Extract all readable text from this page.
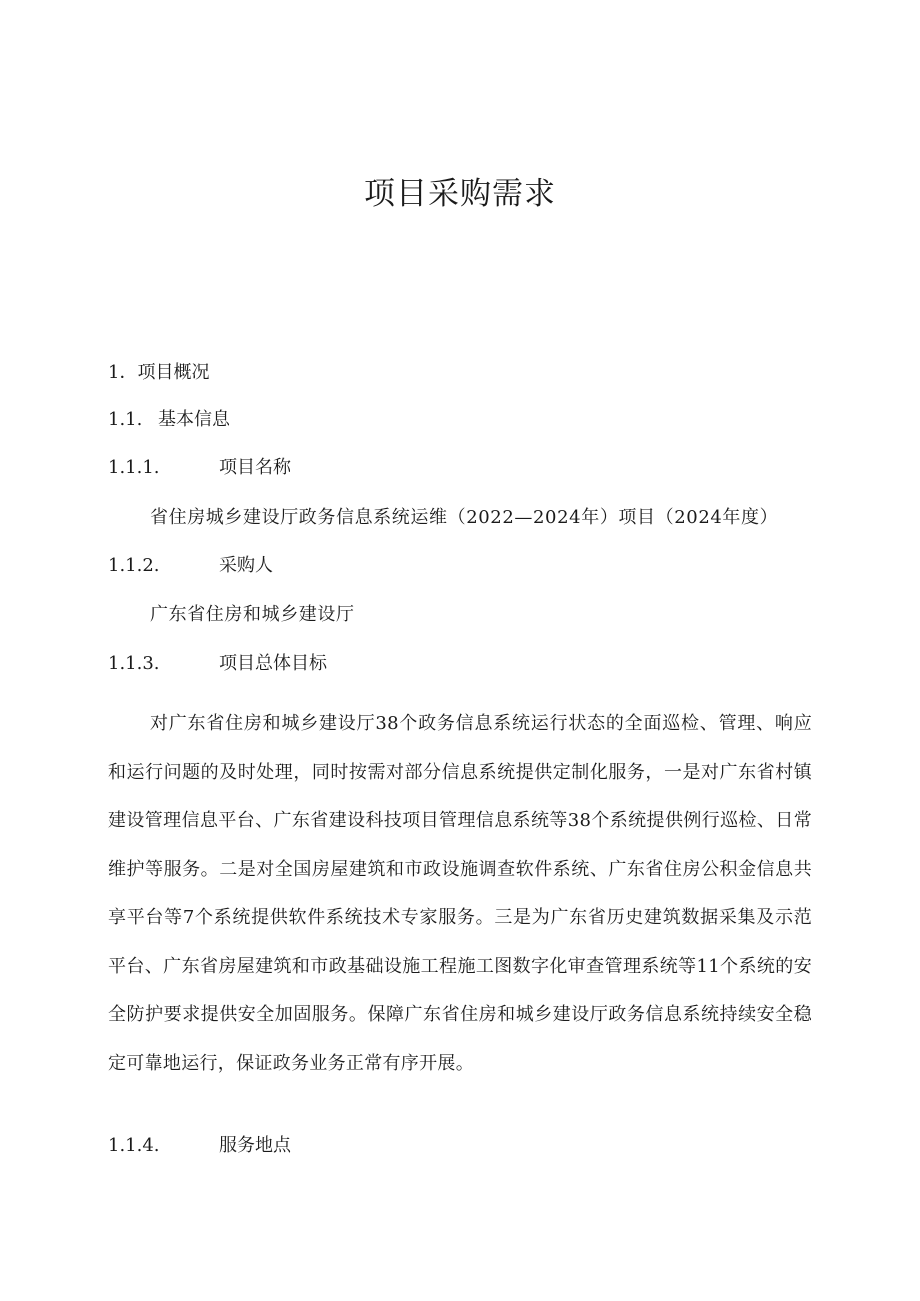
项目采购需求
1．项目概况
1.1. 基本信息
1.1.1.	项目名称
省住房城乡建设厅政务信息系统运维（2022—2024年）项目（2024年度）
1.1.2.	采购人
广东省住房和城乡建设厅
1.1.3.	项目总体目标

对广东省住房和城乡建设厅38个政务信息系统运行状态的全面巡检、管理、响应和运行问题的及时处理，同时按需对部分信息系统提供定制化服务，一是对广东省村镇建设管理信息平台、广东省建设科技项目管理信息系统等38个系统提供例行巡检、日常维护等服务。二是对全国房屋建筑和市政设施调查软件系统、广东省住房公积金信息共享平台等7个系统提供软件系统技术专家服务。三是为广东省历史建筑数据采集及示范平台、广东省房屋建筑和市政基础设施工程施工图数字化审查管理系统等11个系统的安全防护要求提供安全加固服务。保障广东省住房和城乡建设厅政务信息系统持续安全稳定可靠地运行，保证政务业务正常有序开展。

1.1.4.	服务地点
